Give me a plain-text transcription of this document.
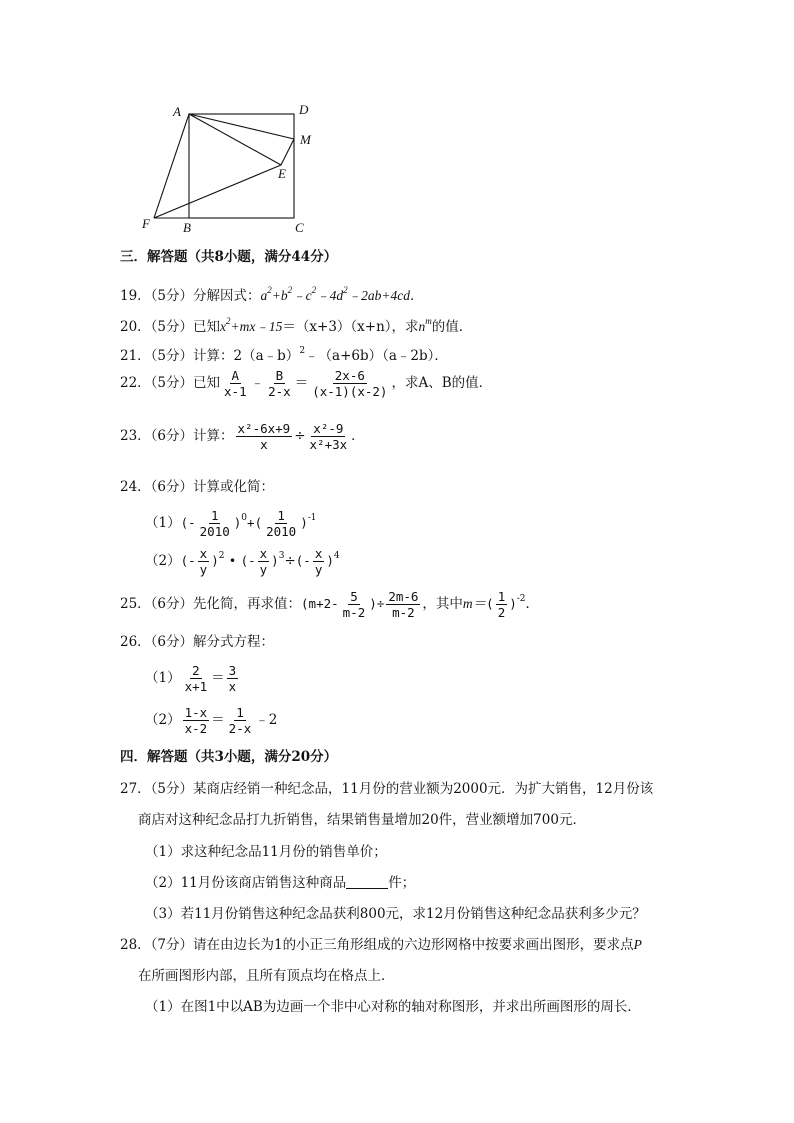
A	D
M
E
F	B	C
三．解答题（共8小题，满分44分）
19．（5分）分解因式：$a^2+b^2﹣c^2﹣4d^2﹣2ab+4cd$．
20．（5分）已知$x^2+mx﹣15=(x+3)(x+n)$，求$n^m$的值．
21．（5分）计算：2（a﹣b）$^2$﹣（a+6b）（a﹣2b）．
22．（5分）已知 $\frac{A}{x-1}$ ﹣ $\frac{B}{2-x} = \frac{2x-6}{(x-1)(x-2)}$ ，求A、B的值．
23．（6分）计算： $\frac{\text{x²-6x+9}}{x} \div \frac{\text{x²-9}}{\text{x²+3x}}$ ．
24．（6分）计算或化简：
$(1)(- \frac{1}{2010} )^0+( \frac{1}{2010} )^{-1}$
$(2)(- \frac{x}{y} )^2$ • (- $\frac{x}{y} )^3\div(- \frac{x}{y} )^4$
25．（6分）先化简，再求值：($m+2- \frac{5}{m-2}$ )÷ $\frac{2m-6}{m-2}$ ，其中$m=( \frac{1}{2} )^{-2}$．
26．（6分）解分式方程：
$(1) \frac{2}{x+1} = \frac{3}{x}$
$(2) \frac{1-x}{x-2} = \frac{1}{2-x}$ ﹣2
四．解答题（共3小题，满分20分）
27．（5分）某商店经销一种纪念品，11月份的营业额为2000元．为扩大销售，12月份该
商店对这种纪念品打九折销售，结果销售量增加20件，营业额增加700元．
（1）求这种纪念品11月份的销售单价；
（2）11月份该商店销售这种商品	件；
（3）若11月份销售这种纪念品获利800元，求12月份销售这种纪念品获利多少元？
28．（7分）请在由边长为1的小正三角形组成的六边形网格中按要求画出图形，要求点P
在所画图形内部，且所有顶点均在格点上．
（1）在图1中以AB为边画一个非中心对称的轴对称图形，并求出所画图形的周长．
